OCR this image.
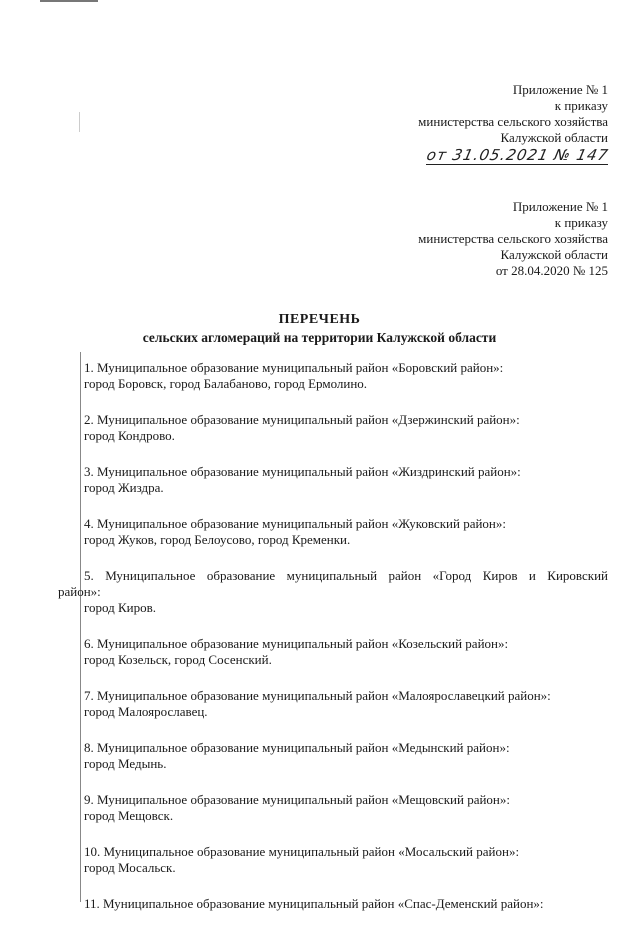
Приложение № 1
к приказу
министерства сельского хозяйства
Калужской области
от 31.05.2021 № 147
Приложение № 1
к приказу
министерства сельского хозяйства
Калужской области
от 28.04.2020 № 125
ПЕРЕЧЕНЬ
сельских агломераций на территории Калужской области
1. Муниципальное образование муниципальный район «Боровский район»:
город Боровск, город Балабаново, город Ермолино.
2. Муниципальное образование муниципальный район «Дзержинский район»:
город Кондрово.
3. Муниципальное образование муниципальный район «Жиздринский район»:
город Жиздра.
4. Муниципальное образование муниципальный район «Жуковский район»:
город Жуков, город Белоусово, город Кременки.
5. Муниципальное образование муниципальный район «Город Киров и Кировский
район»:
город Киров.
6. Муниципальное образование муниципальный район «Козельский район»:
город Козельск, город Сосенский.
7. Муниципальное образование муниципальный район «Малоярославецкий район»:
город Малоярославец.
8. Муниципальное образование муниципальный район «Медынский район»:
город Медынь.
9. Муниципальное образование муниципальный район «Мещовский район»:
город Мещовск.
10. Муниципальное образование муниципальный район «Мосальский район»:
город Мосальск.
11. Муниципальное образование муниципальный район «Спас-Деменский район»:
